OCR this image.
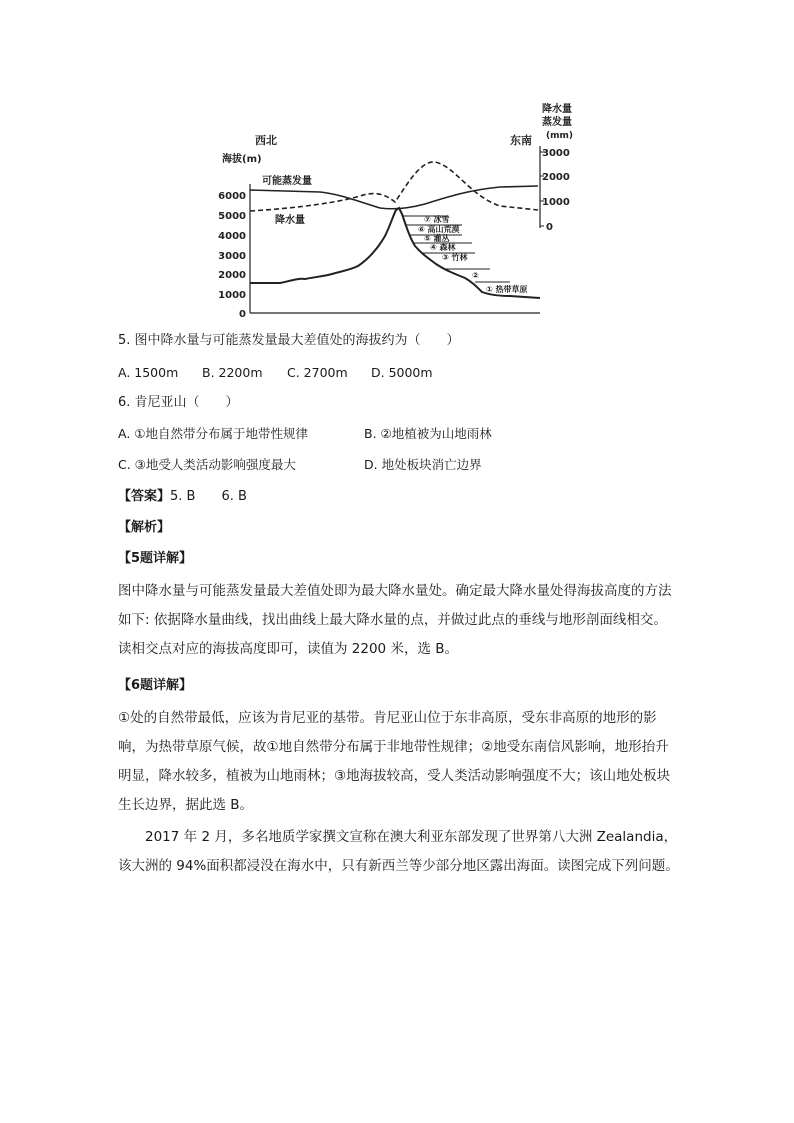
西北	东南
海拔(m)
降水量
蒸发量
(mm)
6000
5000
4000
3000
2000
1000
0
3000
2000
1000
0
可能蒸发量
降水量	⑦ 冰雪
⑥ 高山荒漠
⑤ 灌丛
④ 森林
③ 竹林
②
① 热带草原
5. 图中降水量与可能蒸发量最大差值处的海拔约为（　　）
A. 1500m B. 2200m C. 2700m D. 5000m
6. 肯尼亚山（　　）
A. ①地自然带分布属于地带性规律	B. ②地植被为山地雨林
C. ③地受人类活动影响强度最大	D. 地处板块消亡边界
【答案】5. B　　6. B
【解析】
【5题详解】
图中降水量与可能蒸发量最大差值处即为最大降水量处。确定最大降水量处得海拔高度的方法如下: 依据降水量曲线，找出曲线上最大降水量的点，并做过此点的垂线与地形剖面线相交。读相交点对应的海拔高度即可，读值为 2200 米，选 B。
【6题详解】
①处的自然带最低，应该为肯尼亚的基带。肯尼亚山位于东非高原，受东非高原的地形的影响，为热带草原气候，故①地自然带分布属于非地带性规律；②地受东南信风影响，地形抬升明显，降水较多，植被为山地雨林；③地海拔较高，受人类活动影响强度不大；该山地处板块生长边界，据此选 B。
2017 年 2 月，多名地质学家撰文宣称在澳大利亚东部发现了世界第八大洲 Zealandia，该大洲的 94%面积都浸没在海水中，只有新西兰等少部分地区露出海面。读图完成下列问题。
